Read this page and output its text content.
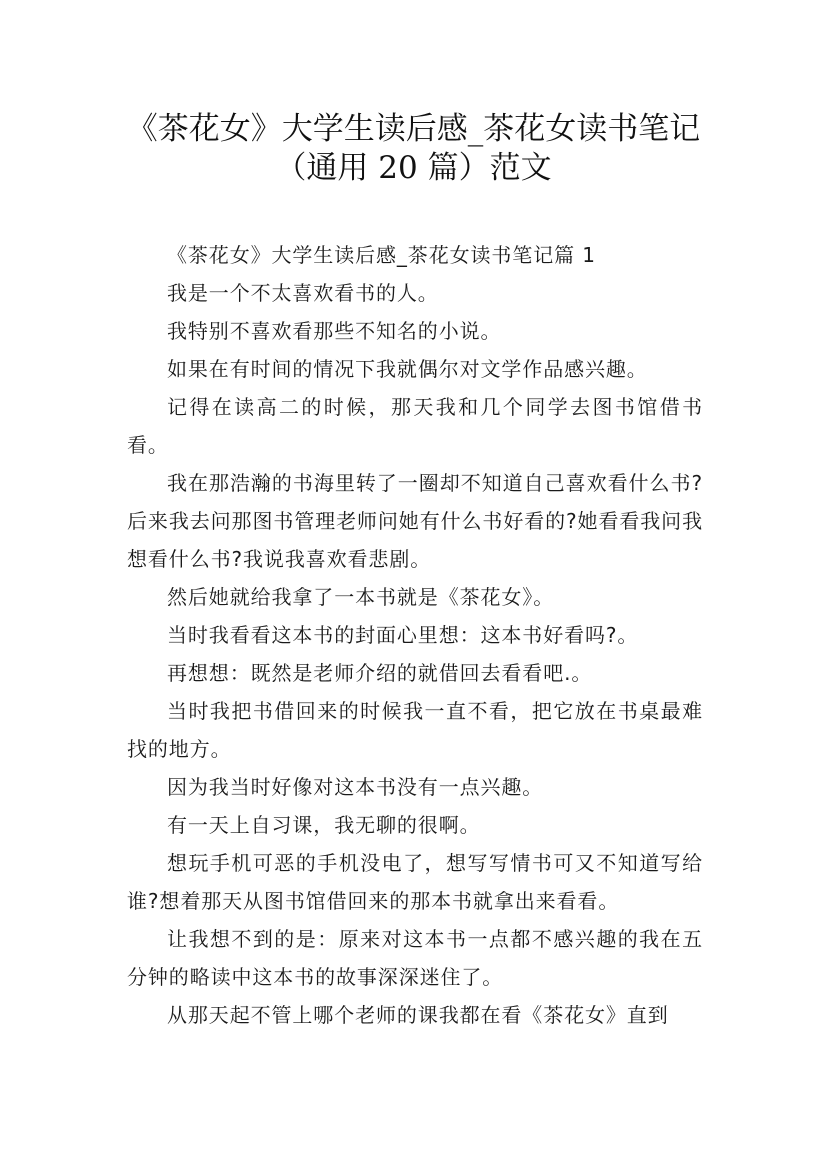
《茶花女》大学生读后感_茶花女读书笔记
（通用 20 篇）范文

《茶花女》大学生读后感_茶花女读书笔记篇 1

我是一个不太喜欢看书的人。

我特别不喜欢看那些不知名的小说。

如果在有时间的情况下我就偶尔对文学作品感兴趣。

记得在读高二的时候，那天我和几个同学去图书馆借书看。

我在那浩瀚的书海里转了一圈却不知道自己喜欢看什么书?后来我去问那图书管理老师问她有什么书好看的?她看看我问我想看什么书?我说我喜欢看悲剧。

然后她就给我拿了一本书就是《茶花女》。

当时我看看这本书的封面心里想：这本书好看吗?。

再想想：既然是老师介绍的就借回去看看吧.。

当时我把书借回来的时候我一直不看，把它放在书桌最难找的地方。

因为我当时好像对这本书没有一点兴趣。

有一天上自习课，我无聊的很啊。

想玩手机可恶的手机没电了，想写写情书可又不知道写给谁?想着那天从图书馆借回来的那本书就拿出来看看。

让我想不到的是：原来对这本书一点都不感兴趣的我在五分钟的略读中这本书的故事深深迷住了。

从那天起不管上哪个老师的课我都在看《茶花女》直到
